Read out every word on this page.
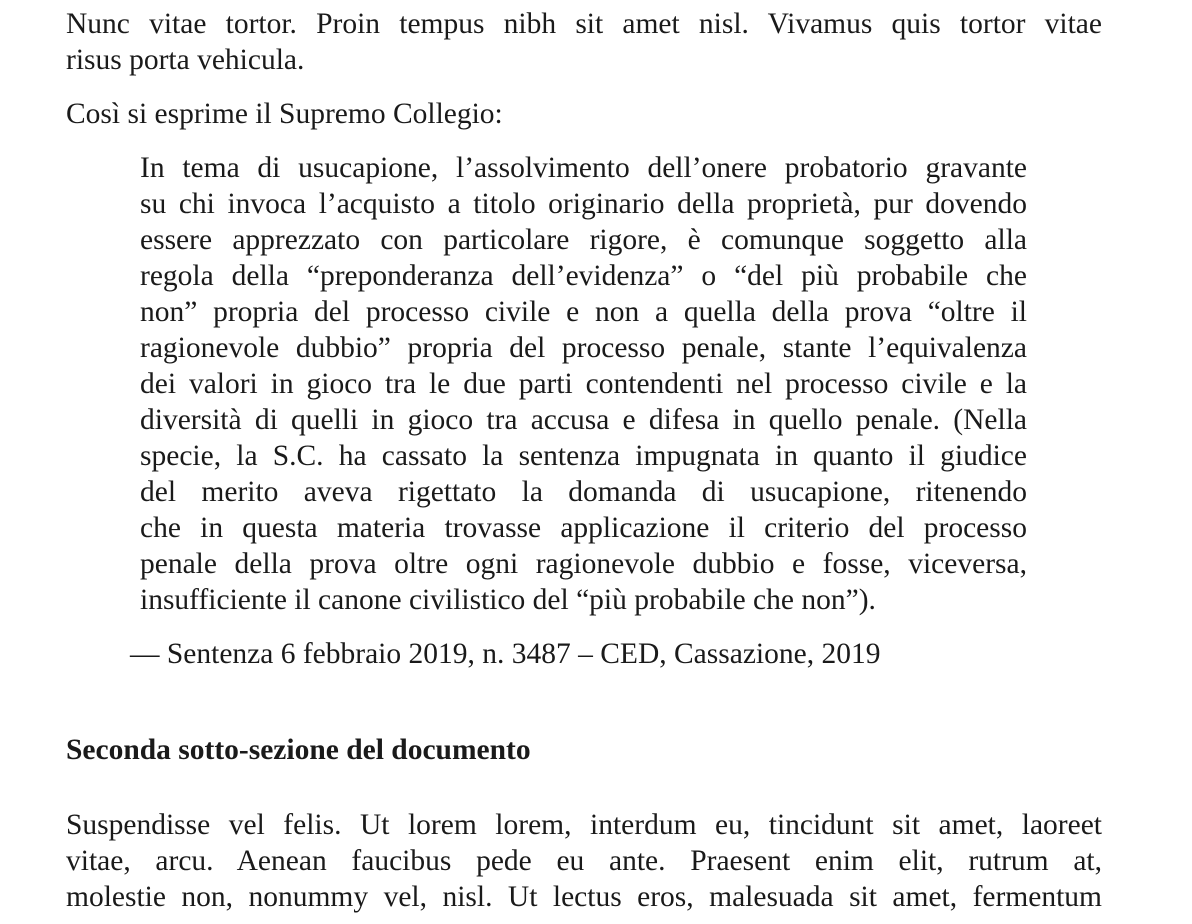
Nunc vitae tortor. Proin tempus nibh sit amet nisl. Vivamus quis tortor vitae
risus porta vehicula.
Così si esprime il Supremo Collegio:
In tema di usucapione, l’assolvimento dell’onere probatorio gravante
su chi invoca l’acquisto a titolo originario della proprietà, pur dovendo
essere apprezzato con particolare rigore, è comunque soggetto alla
regola della “preponderanza dell’evidenza” o “del più probabile che
non” propria del processo civile e non a quella della prova “oltre il
ragionevole dubbio” propria del processo penale, stante l’equivalenza
dei valori in gioco tra le due parti contendenti nel processo civile e la
diversità di quelli in gioco tra accusa e difesa in quello penale. (Nella
specie, la S.C. ha cassato la sentenza impugnata in quanto il giudice
del merito aveva rigettato la domanda di usucapione, ritenendo
che in questa materia trovasse applicazione il criterio del processo
penale della prova oltre ogni ragionevole dubbio e fosse, viceversa,
insufficiente il canone civilistico del “più probabile che non”).
— Sentenza 6 febbraio 2019, n. 3487 – CED, Cassazione, 2019
Seconda sotto-sezione del documento
Suspendisse vel felis. Ut lorem lorem, interdum eu, tincidunt sit amet, laoreet
vitae, arcu. Aenean faucibus pede eu ante. Praesent enim elit, rutrum at,
molestie non, nonummy vel, nisl. Ut lectus eros, malesuada sit amet, fermentum
